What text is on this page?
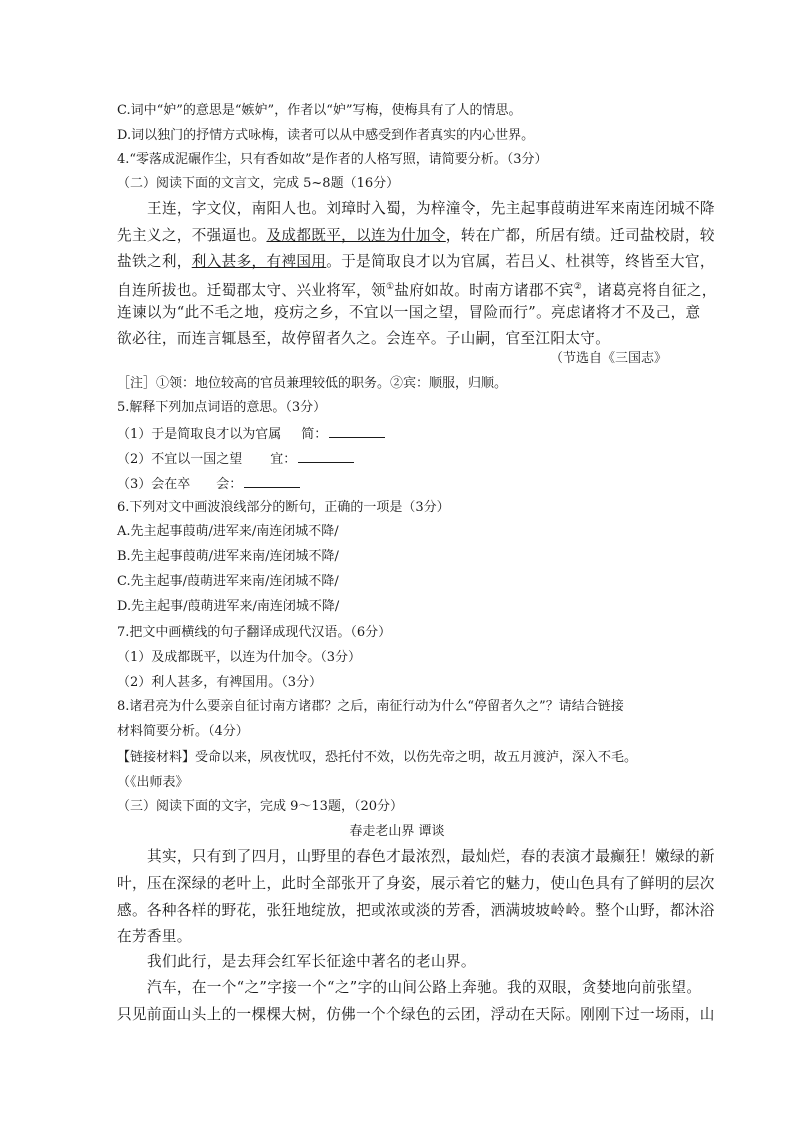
C.词中“妒”的意思是“嫉妒”，作者以“妒”写梅，使梅具有了人的情思。
D.词以独门的抒情方式咏梅，读者可以从中感受到作者真实的内心世界。
4.“零落成泥碾作尘，只有香如故”是作者的人格写照，请简要分析。（3分）
（二）阅读下面的文言文，完成 5~8题（16分）
王连，字文仪，南阳人也。刘璋时入蜀，为梓潼令，先主起事葭萌进军来南连闭城不降
先主义之，不强逼也。及成都既平，以连为什加令，转在广都，所居有绩。迁司盐校尉，较
盐铁之利，利入甚多，有裨国用。于是简取良才以为官属，若吕乂、杜祺等，终皆至大官，
自连所拔也。迁蜀郡太守、兴业将军，领①盐府如故。时南方诸郡不宾②，诸葛亮将自征之，
连谏以为“此不毛之地，疫疠之乡，不宜以一国之望，冒险而行”。亮虑诸将才不及己，意
欲必往，而连言辄恳至，故停留者久之。会连卒。子山嗣，官至江阳太守。
（节选自《三国志》
［注］①领：地位较高的官员兼理较低的职务。②宾：顺服，归顺。
5.解释下列加点词语的意思。（3分）
（1）于是简取良才以为官属 简：
（2）不宜以一国之望 宜：
（3）会在卒 会：
6.下列对文中画波浪线部分的断句，正确的一项是（3分）
A.先主起事葭萌/进军来/南连闭城不降/
B.先主起事葭萌/进军来南/连闭城不降/
C.先主起事/葭萌进军来南/连闭城不降/
D.先主起事/葭萌进军来/南连闭城不降/
7.把文中画横线的句子翻译成现代汉语。（6分）
（1）及成都既平，以连为什加令。（3分）
（2）利人甚多，有裨国用。（3分）
8.诸君亮为什么要亲自征讨南方诸郡？之后，南征行动为什么“停留者久之”？请结合链接
材料简要分析。（4分）
【链接材料】受命以来，夙夜忧叹，恐托付不效，以伤先帝之明，故五月渡泸，深入不毛。
（《出师表》
（三）阅读下面的文字，完成 9～13题，（20分）
春走老山界 谭谈
其实，只有到了四月，山野里的春色才最浓烈，最灿烂，春的表演才最癫狂！嫩绿的新
叶，压在深绿的老叶上，此时全部张开了身姿，展示着它的魅力，使山色具有了鲜明的层次
感。各种各样的野花，张狂地绽放，把或浓或淡的芳香，洒满坡坡岭岭。整个山野，都沐浴
在芳香里。
我们此行，是去拜会红军长征途中著名的老山界。
汽车，在一个“之”字接一个“之”字的山间公路上奔驰。我的双眼，贪婪地向前张望。
只见前面山头上的一棵棵大树，仿佛一个个绿色的云团，浮动在天际。刚刚下过一场雨，山
